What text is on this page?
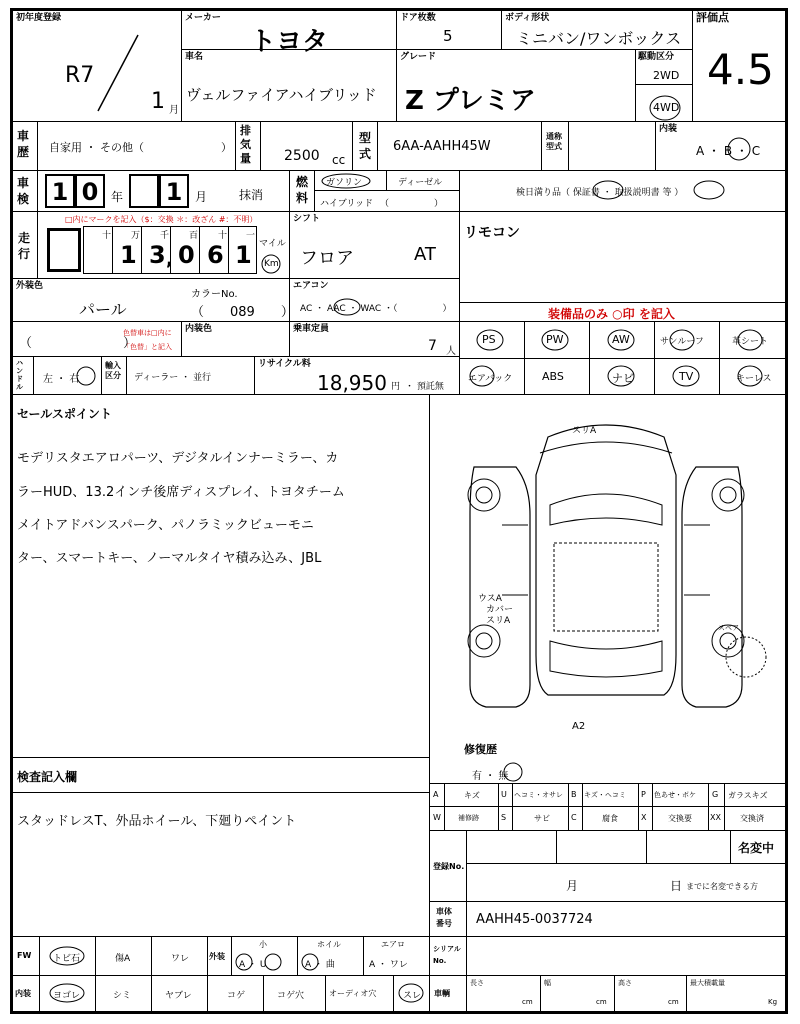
初年度登録
R7
1 月
メーカー
トヨタ
ドア枚数
5
ボディ形状
ミニバン/ワンボックス
評価点
4.5
車名
ヴェルファイアハイブリッド
グレード
Z プレミア
駆動区分
2WD
4WD
車歴 自家用 ・ その他（　　　　　　　）
排気量 2500 cc
型式 6AA-AAHH45W
通称型式
内装
A ・ B ・ C
車検 1 0	年 1	月	抹消
燃料
ガソリン	ディーゼル
ハイブリッド （　　　　　）
検日満り品（ 保証書 ・ 取扱説明書 等 ）
走行
□内にマークを記入（$：交換 ＊：改ざん #：不明）
十 万 千 百 十 一
1 3 0 6 1
,
マイル
Km
シフト
フロア	AT
リモコン
外装色
パール
カラーNo.
（　　089　　）
エアコン
AC ・ AAC ・ WAC ・（　　　　　）	装備品のみ ○印 を記入
（　　　　　　　）
色替車は□内に
「色替」と記入
内装色	乗車定員
7 人
PS	PW	AW	サンルーフ	革シート
エアバック	ABS	ナビ	TV	キーレス
ハンドル
左 ・ 右
輸入区分	ディーラー ・ 並行
リサイクル料
18,950 円 ・ 預託無
セールスポイント
モデリスタエアロパーツ、デジタルインナーミラー、カ
ラーHUD、13.2インチ後席ディスプレイ、トヨタチーム
メイトアドバンスパーク、パノラミックビューモニ
ター、スマートキー、ノーマルタイヤ積み込み、JBL
スリA
ウスA
カバー
スリA
A2
スペア
修復歴
有 ・ 無
検査記入欄
スタッドレスT、外品ホイール、下廻りペイント
A	キズ	U ヘコミ・オサレ B キズ・ヘコミ P 色あせ・ボケ G ガラスキズ
W 補修跡	S	サビ	C	腐食	X	交換要 XX 交換済
登録No.
名変中
月	日 までに名変できる方
車体番号	AAHH45-0037724
FW トビ石	傷A	ワレ 外装
小
A ・ U
ホイル
A ・ 曲
エアロ
A ・ ワレ
シリアルNo.
内装 ヨゴレ	シミ	ヤブレ	コゲ	コゲ穴	オーディオ穴	スレ 車輌
長さ
cm
幅
cm
高さ
cm
最大積載量
Kg
